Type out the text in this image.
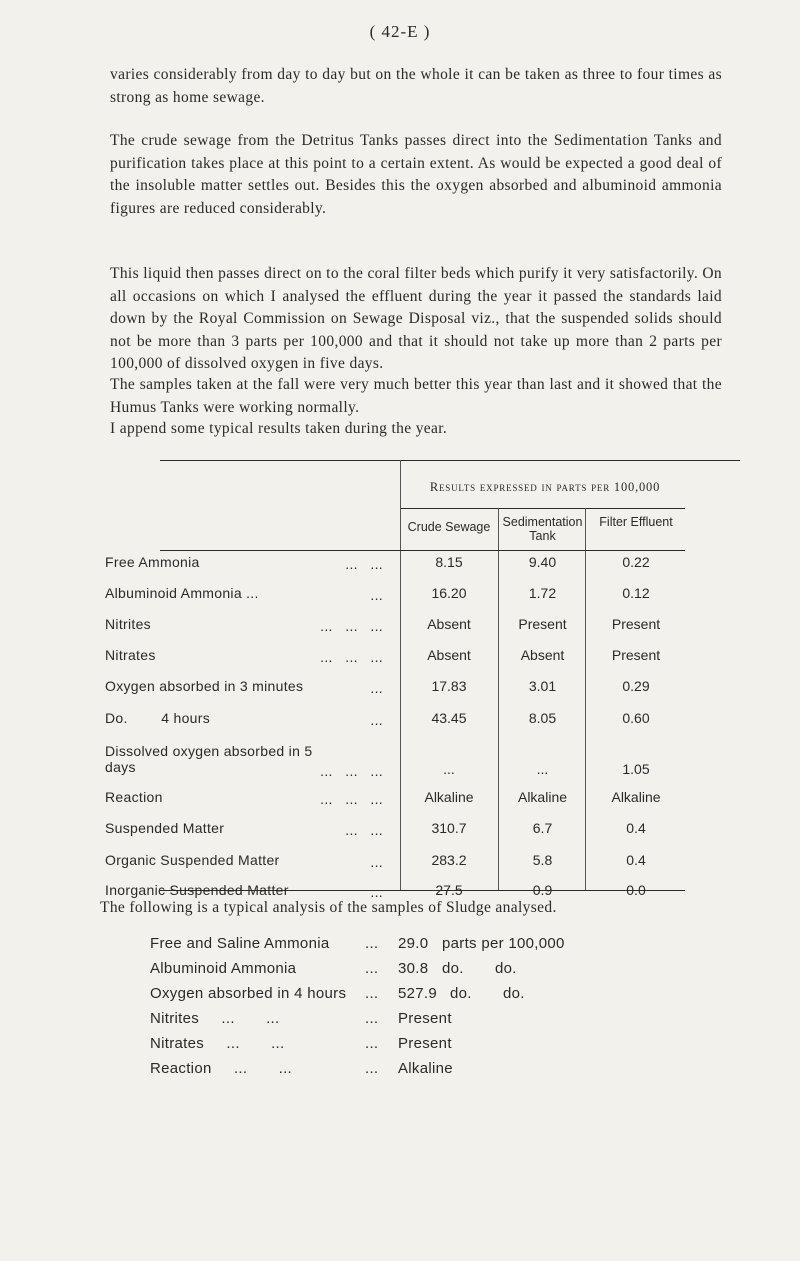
( 42-E )

varies considerably from day to day but on the whole it can be taken as three to four times as strong as home sewage.

The crude sewage from the Detritus Tanks passes direct into the Sedimentation Tanks and purification takes place at this point to a certain extent. As would be expected a good deal of the insoluble matter settles out. Besides this the oxygen absorbed and albuminoid ammonia figures are reduced considerably.

This liquid then passes direct on to the coral filter beds which purify it very satisfactorily. On all occasions on which I analysed the effluent during the year it passed the standards laid down by the Royal Commission on Sewage Disposal viz., that the suspended solids should not be more than 3 parts per 100,000 and that it should not take up more than 2 parts per 100,000 of dissolved oxygen in five days.

The samples taken at the fall were very much better this year than last and it showed that the Humus Tanks were working normally.

I append some typical results taken during the year.

Results expressed in parts per 100,000
Crude Sewage Sedimentation Tank
Filter Effluent
Free Ammonia	...   ...	8.15	9.40	0.22
Albuminoid Ammonia ...	...	16.20	1.72	0.12
Nitrites	...   ...   ...	Absent	Present	Present
Nitrates	...   ...   ...	Absent	Absent	Present
Oxygen absorbed in 3 minutes	...	17.83	3.01	0.29
Do.        4 hours	...	43.45	8.05	0.60
Dissolved oxygen absorbed in 5
days	...   ...   ...	...	...	1.05
Reaction	...   ...   ...	Alkaline	Alkaline	Alkaline
Suspended Matter	...   ...	310.7	6.7	0.4
Organic Suspended Matter	...	283.2	5.8	0.4
Inorganic Suspended Matter	...	27.5	0.9	0.0
The following is a typical analysis of the samples of Sludge analysed.
Free and Saline Ammonia ... 29.0 parts per 100,000
Albuminoid Ammonia	... 30.8 do.       do.
Oxygen absorbed in 4 hours ... 527.9 do.       do.
Nitrites     ...       ...	... Present
Nitrates     ...       ...	... Present
Reaction     ...       ...	... Alkaline
